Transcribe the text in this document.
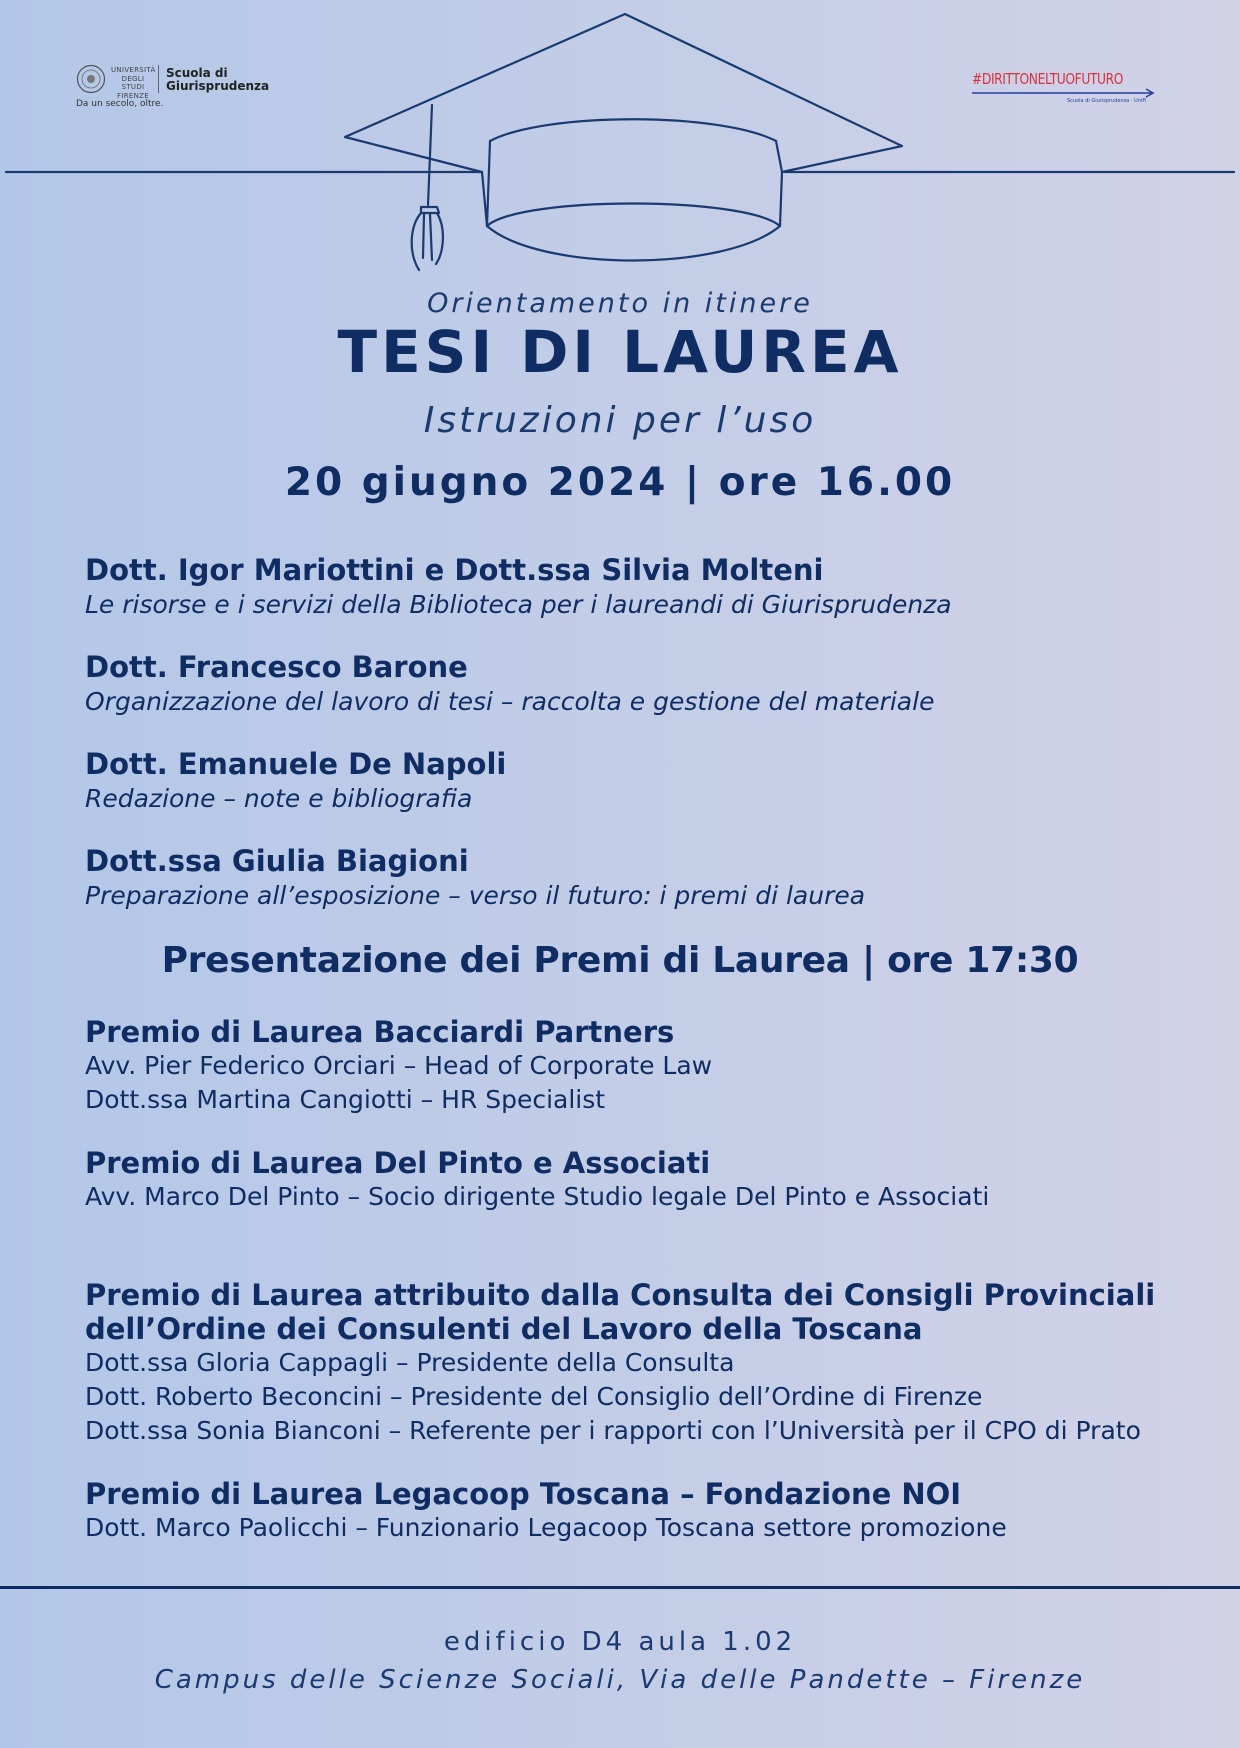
UNIVERSITÀ DEGLI STUDI FIRENZE
Scuola di Giurisprudenza
Da un secolo, oltre.
#DIRITTONELTUOFUTURO
Scuola di Giurisprudenza · UniFi
Orientamento in itinere
TESI DI LAUREA
Istruzioni per l’uso
20 giugno 2024 | ore 16.00
Dott. Igor Mariottini e Dott.ssa Silvia Molteni
Le risorse e i servizi della Biblioteca per i laureandi di Giurisprudenza
Dott. Francesco Barone
Organizzazione del lavoro di tesi – raccolta e gestione del materiale
Dott. Emanuele De Napoli
Redazione – note e bibliografia
Dott.ssa Giulia Biagioni
Preparazione all’esposizione – verso il futuro: i premi di laurea
Presentazione dei Premi di Laurea | ore 17:30
Premio di Laurea Bacciardi Partners
Avv. Pier Federico Orciari – Head of Corporate Law
Dott.ssa Martina Cangiotti – HR Specialist
Premio di Laurea Del Pinto e Associati
Avv. Marco Del Pinto – Socio dirigente Studio legale Del Pinto e Associati
Premio di Laurea attribuito dalla Consulta dei Consigli Provinciali
dell’Ordine dei Consulenti del Lavoro della Toscana
Dott.ssa Gloria Cappagli – Presidente della Consulta
Dott. Roberto Beconcini – Presidente del Consiglio dell’Ordine di Firenze
Dott.ssa Sonia Bianconi – Referente per i rapporti con l’Università per il CPO di Prato
Premio di Laurea Legacoop Toscana – Fondazione NOI
Dott. Marco Paolicchi – Funzionario Legacoop Toscana settore promozione
edificio D4 aula 1.02
Campus delle Scienze Sociali, Via delle Pandette – Firenze
